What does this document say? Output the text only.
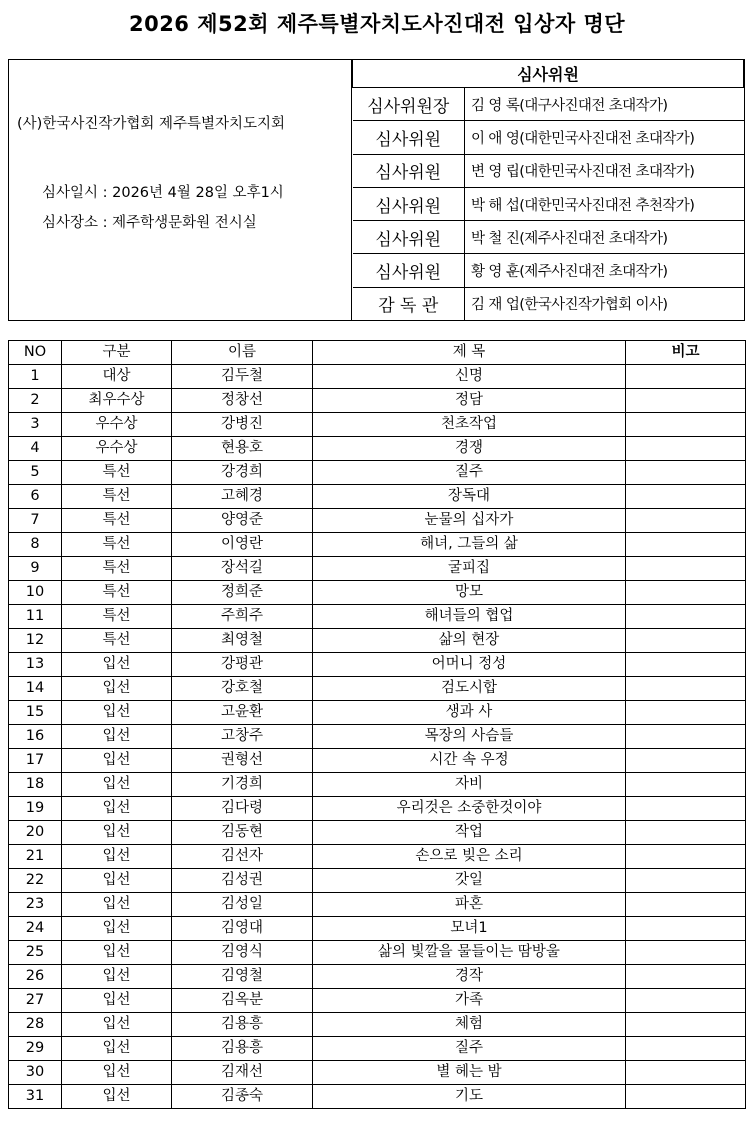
2026 제52회 제주특별자치도사진대전 입상자 명단
(사)한국사진작가협회 제주특별자치도지회
심사일시 : 2026년 4월 28일 오후1시
심사장소 : 제주학생문화원 전시실
심사위원	
심사위원장	김 영 록(대구사진대전 초대작가)
심사위원	이 애 영(대한민국사진대전 초대작가)
심사위원	변 영 립(대한민국사진대전 초대작가)
심사위원	박 해 섭(대한민국사진대전 추천작가)
심사위원	박 철 진(제주사진대전 초대작가)
심사위원	황 영 훈(제주사진대전 초대작가)
감 독 관	김 재 업(한국사진작가협회 이사)
NO	구분	이름	제 목	비고
1	대상	김두철	신명	
2	최우수상	정창선	정담	
3	우수상	강병진	천초작업	
4	우수상	현용호	경쟁	
5	특선	강경희	질주	
6	특선	고혜경	장독대	
7	특선	양영준	눈물의 십자가	
8	특선	이영란	해녀, 그들의 삶	
9	특선	장석길	굴피집	
10	특선	정희준	망모	
11	특선	주희주	해녀들의 협업	
12	특선	최영철	삶의 현장	
13	입선	강평관	어머니 정성	
14	입선	강호철	검도시합	
15	입선	고윤환	생과 사	
16	입선	고창주	목장의 사슴들	
17	입선	권형선	시간 속 우정	
18	입선	기경희	자비	
19	입선	김다령	우리것은 소중한것이야	
20	입선	김동현	작업	
21	입선	김선자	손으로 빚은 소리	
22	입선	김성권	갓일	
23	입선	김성일	파혼	
24	입선	김영대	모녀1	
25	입선	김영식	삶의 빛깔을 물들이는 땀방울	
26	입선	김영철	경작	
27	입선	김옥분	가족	
28	입선	김용흥	체험	
29	입선	김용흥	질주	
30	입선	김재선	별 헤는 밤	
31	입선	김종숙	기도	
